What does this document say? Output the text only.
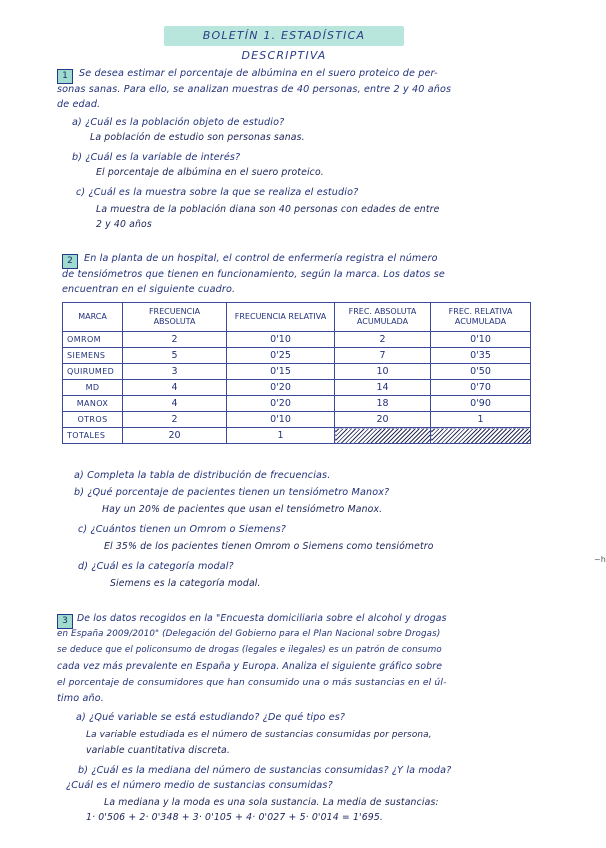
BOLETÍN 1. ESTADÍSTICA DESCRIPTIVA
1	Se desea estimar el porcentaje de albúmina en el suero proteico de per-
sonas sanas. Para ello, se analizan muestras de 40 personas, entre 2 y 40 años
de edad.
a) ¿Cuál es la población objeto de estudio?
La población de estudio son personas sanas.
b) ¿Cuál es la variable de interés?
El porcentaje de albúmina en el suero proteico.
c) ¿Cuál es la muestra sobre la que se realiza el estudio?
La muestra de la población diana son 40 personas con edades de entre
2 y 40 años
2	En la planta de un hospital, el control de enfermería registra el número
de tensiómetros que tienen en funcionamiento, según la marca. Los datos se
encuentran en el siguiente cuadro.
MARCA	FRECUENCIA ABSOLUTA	FRECUENCIA RELATIVA	FREC. ABSOLUTA ACUMULADA	FREC. RELATIVA ACUMULADA
OMROM	2	0'10	2	0'10
SIEMENS	5	0'25	7	0'35
QUIRUMED	3	0'15	10	0'50
MD	4	0'20	14	0'70
MANOX	4	0'20	18	0'90
OTROS	2	0'10	20	1
TOTALES	20	1		
a) Completa la tabla de distribución de frecuencias.
b) ¿Qué porcentaje de pacientes tienen un tensiómetro Manox?
Hay un 20% de pacientes que usan el tensiómetro Manox.
c) ¿Cuántos tienen un Omrom o Siemens?
El 35% de los pacientes tienen Omrom o Siemens como tensiómetro
d) ¿Cuál es la categoría modal?
Siemens es la categoría modal.
~h
3 De los datos recogidos en la "Encuesta domiciliaria sobre el alcohol y drogas
en España 2009/2010" (Delegación del Gobierno para el Plan Nacional sobre Drogas)
se deduce que el policonsumo de drogas (legales e ilegales) es un patrón de consumo
cada vez más prevalente en España y Europa. Analiza el siguiente gráfico sobre
el porcentaje de consumidores que han consumido una o más sustancias en el úl-
timo año.
a) ¿Qué variable se está estudiando? ¿De qué tipo es?
La variable estudiada es el número de sustancias consumidas por persona,
variable cuantitativa discreta.
b) ¿Cuál es la mediana del número de sustancias consumidas? ¿Y la moda?
¿Cuál es el número medio de sustancias consumidas?
La mediana y la moda es una sola sustancia. La media de sustancias:
1· 0'506 + 2· 0'348 + 3· 0'105 + 4· 0'027 + 5· 0'014 = 1'695.
